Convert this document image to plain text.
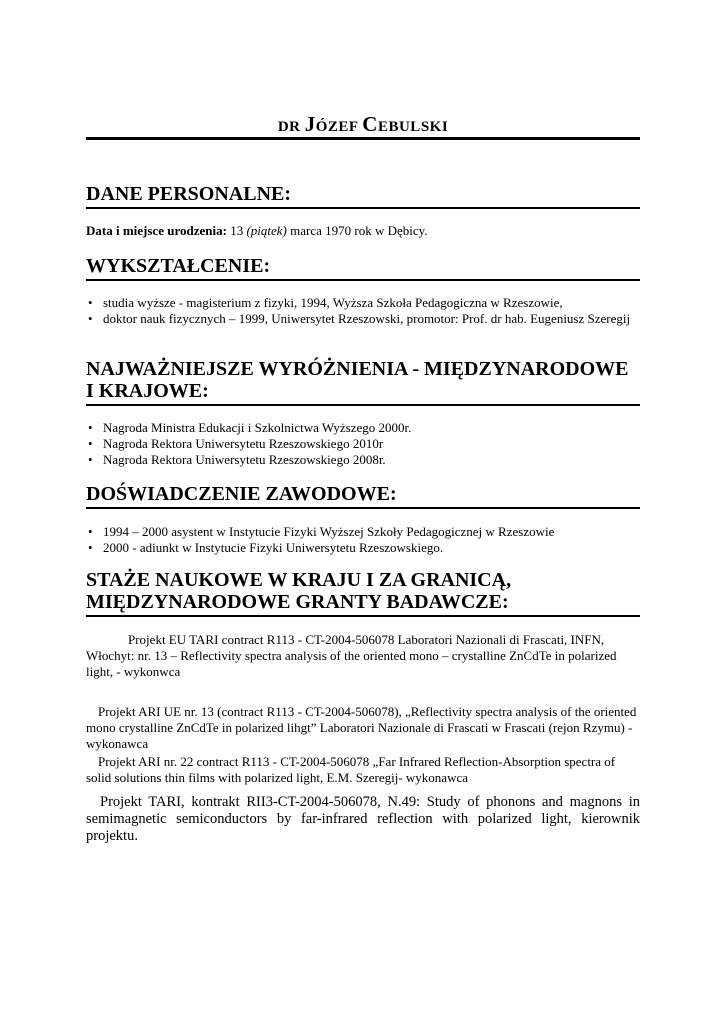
DR JÓZEF CEBULSKI
DANE PERSONALNE:
Data i miejsce urodzenia: 13 (piątek) marca 1970 rok w Dębicy.
WYKSZTAŁCENIE:
• studia wyższe - magisterium z fizyki, 1994, Wyższa Szkoła Pedagogiczna w Rzeszowie,
• doktor nauk fizycznych – 1999, Uniwersytet Rzeszowski, promotor: Prof. dr hab. Eugeniusz Szeregij
NAJWAŻNIEJSZE WYRÓŻNIENIA - MIĘDZYNARODOWE I KRAJOWE:
• Nagroda Ministra Edukacji i Szkolnictwa Wyższego 2000r.
• Nagroda Rektora Uniwersytetu Rzeszowskiego 2010r
• Nagroda Rektora Uniwersytetu Rzeszowskiego 2008r.
DOŚWIADCZENIE ZAWODOWE:
• 1994 – 2000 asystent w Instytucie Fizyki Wyższej Szkoły Pedagogicznej w Rzeszowie
• 2000 - adiunkt w Instytucie Fizyki Uniwersytetu Rzeszowskiego.
STAŻE NAUKOWE W KRAJU I ZA GRANICĄ, MIĘDZYNARODOWE GRANTY BADAWCZE:
Projekt EU TARI contract R113 - CT-2004-506078 Laboratori Nazionali di Frascati, INFN, Włochyt: nr. 13 – Reflectivity spectra analysis of the oriented mono – crystalline ZnCdTe in polarized light, - wykonwca
Projekt ARI UE nr. 13 (contract R113 - CT-2004-506078), „Reflectivity spectra analysis of the oriented mono crystalline ZnCdTe in polarized lihgt” Laboratori Nazionale di Frascati w Frascati (rejon Rzymu) - wykonawca
Projekt ARI nr. 22 contract R113 - CT-2004-506078 „Far Infrared Reflection-Absorption spectra of solid solutions thin films with polarized light, E.M. Szeregij- wykonawca
Projekt TARI, kontrakt RII3-CT-2004-506078, N.49: Study of phonons and magnons in semimagnetic semiconductors by far-infrared reflection with polarized light, kierownik projektu.
